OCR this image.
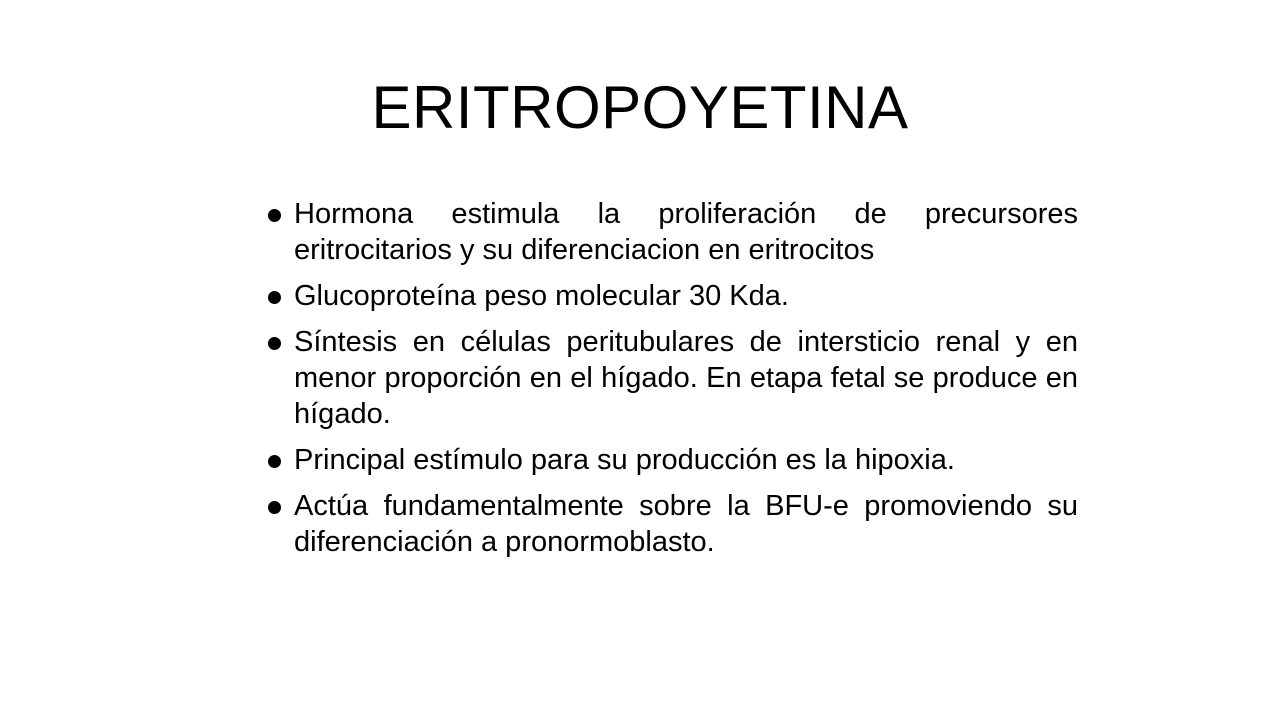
ERITROPOYETINA
Hormona estimula la proliferación de precursores eritrocitarios y su diferenciacion en eritrocitos
Glucoproteína peso molecular 30 Kda.
Síntesis en células peritubulares de intersticio renal y en menor proporción en el hígado. En etapa fetal se produce en hígado.
Principal estímulo para su producción es la hipoxia.
Actúa fundamentalmente sobre la BFU-e promoviendo su diferenciación a pronormoblasto.
